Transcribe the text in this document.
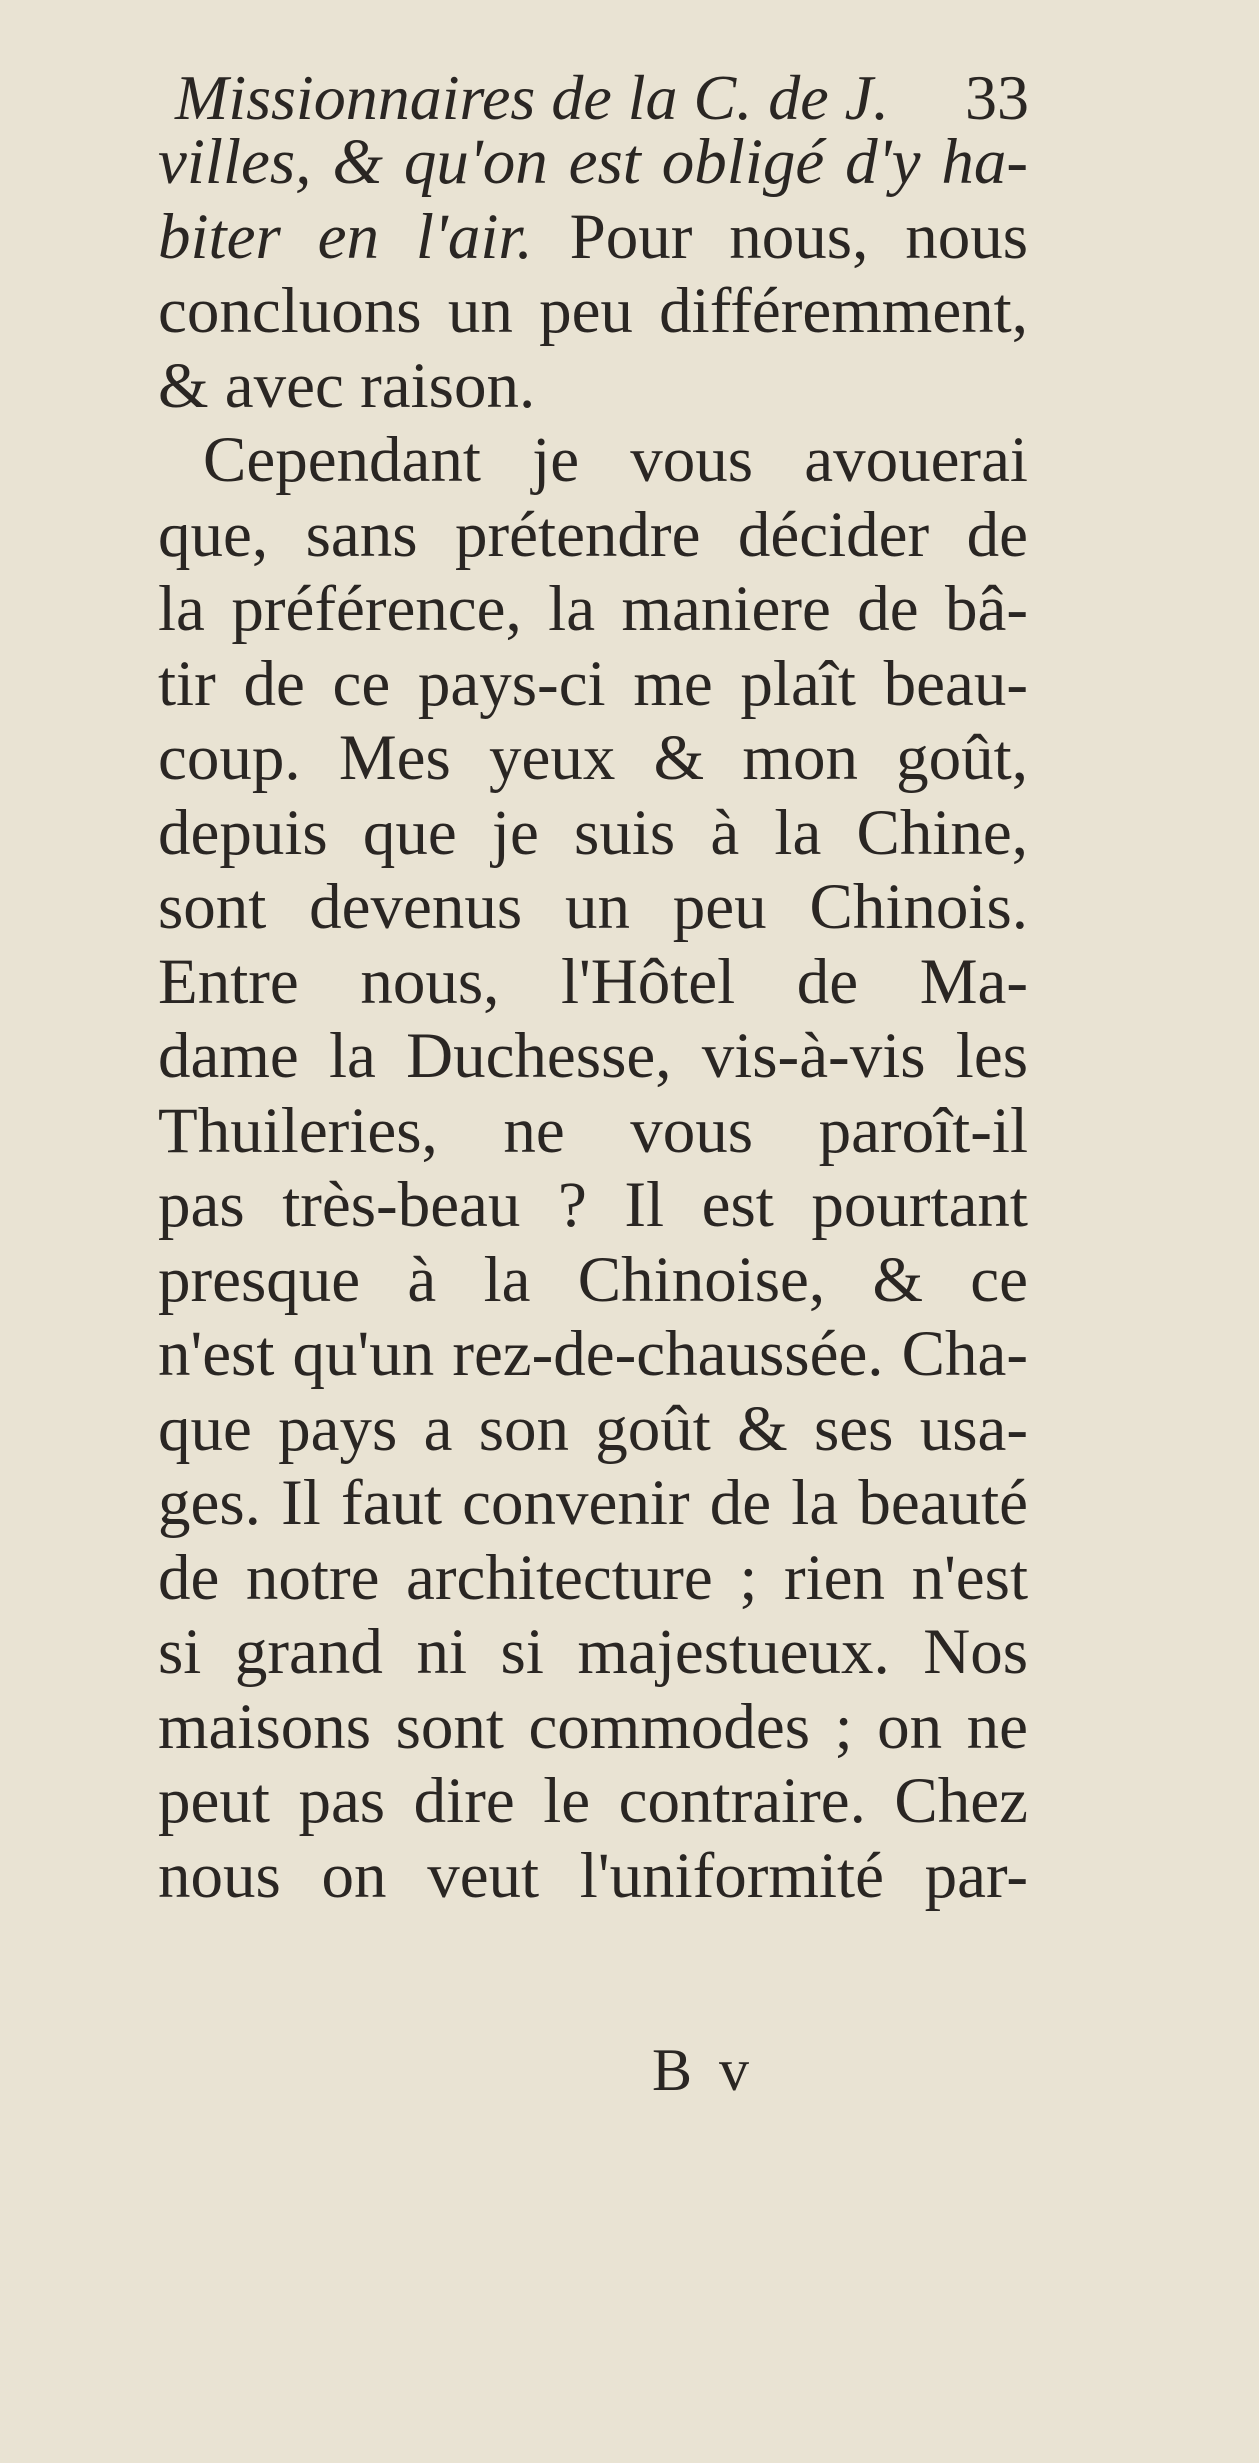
Missionnaires de la C. de J. 33
villes, & qu'on est obligé d'y ha-
biter en l'air. Pour nous, nous
concluons un peu différemment,
& avec raison.
Cependant je vous avouerai
que, sans prétendre décider de
la préférence, la maniere de bâ-
tir de ce pays-ci me plaît beau-
coup. Mes yeux & mon goût,
depuis que je suis à la Chine,
sont devenus un peu Chinois.
Entre nous, l'Hôtel de Ma-
dame la Duchesse, vis-à-vis les
Thuileries, ne vous paroît-il
pas très-beau ? Il est pourtant
presque à la Chinoise, & ce
n'est qu'un rez-de-chaussée. Cha-
que pays a son goût & ses usa-
ges. Il faut convenir de la beauté
de notre architecture ; rien n'est
si grand ni si majestueux. Nos
maisons sont commodes ; on ne
peut pas dire le contraire. Chez
nous on veut l'uniformité par-
B v
